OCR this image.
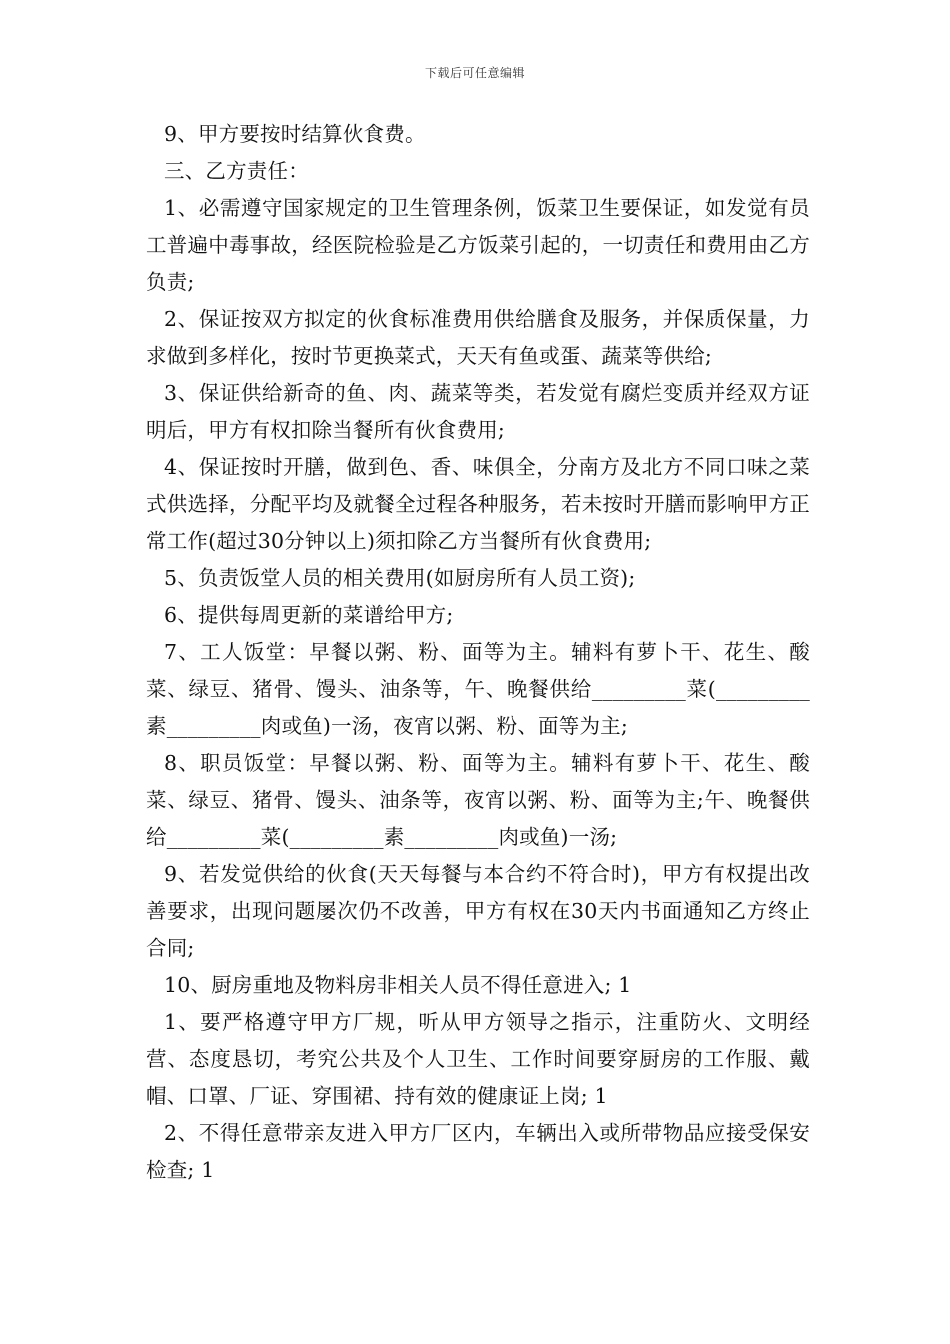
下载后可任意编辑

9、甲方要按时结算伙食费。

三、乙方责任：

1、必需遵守国家规定的卫生管理条例，饭菜卫生要保证，如发觉有员工普遍中毒事故，经医院检验是乙方饭菜引起的，一切责任和费用由乙方负责;

2、保证按双方拟定的伙食标准费用供给膳食及服务，并保质保量，力求做到多样化，按时节更换菜式，天天有鱼或蛋、蔬菜等供给;

3、保证供给新奇的鱼、肉、蔬菜等类，若发觉有腐烂变质并经双方证明后，甲方有权扣除当餐所有伙食费用;

4、保证按时开膳，做到色、香、味俱全，分南方及北方不同口味之菜式供选择，分配平均及就餐全过程各种服务，若未按时开膳而影响甲方正常工作(超过30分钟以上)须扣除乙方当餐所有伙食费用;

5、负责饭堂人员的相关费用(如厨房所有人员工资);

6、提供每周更新的菜谱给甲方;

7、工人饭堂：早餐以粥、粉、面等为主。辅料有萝卜干、花生、酸菜、绿豆、猪骨、馒头、油条等，午、晚餐供给_________菜(_________素_________肉或鱼)一汤，夜宵以粥、粉、面等为主;

8、职员饭堂：早餐以粥、粉、面等为主。辅料有萝卜干、花生、酸菜、绿豆、猪骨、馒头、油条等，夜宵以粥、粉、面等为主;午、晚餐供给_________菜(_________素_________肉或鱼)一汤;

9、若发觉供给的伙食(天天每餐与本合约不符合时)，甲方有权提出改善要求，出现问题屡次仍不改善，甲方有权在30天内书面通知乙方终止合同;

10、厨房重地及物料房非相关人员不得任意进入; 1

1、要严格遵守甲方厂规，听从甲方领导之指示，注重防火、文明经营、态度恳切，考究公共及个人卫生、工作时间要穿厨房的工作服、戴帽、口罩、厂证、穿围裙、持有效的健康证上岗; 1

2、不得任意带亲友进入甲方厂区内，车辆出入或所带物品应接受保安检查; 1
